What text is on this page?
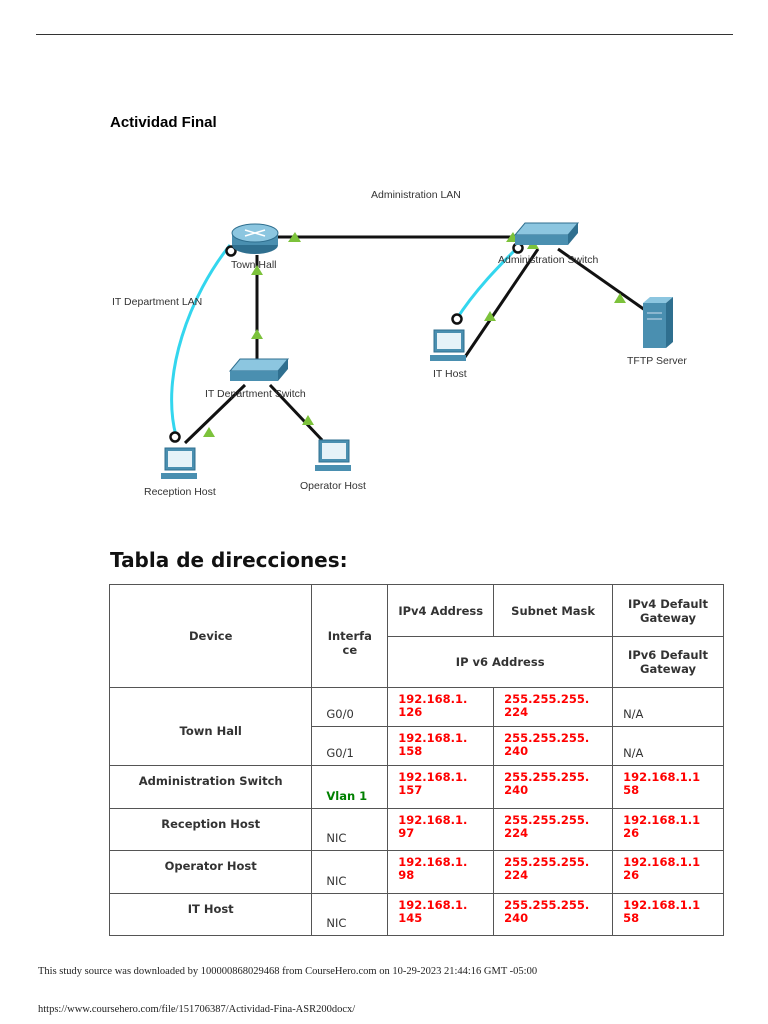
Actividad Final
Administration LAN
IT Department LAN
Town Hall	Administration Switch
IT Department Switch
IT Host
TFTP Server
Reception Host	Operator Host
Tabla de direcciones:
Device	Interfa ce	IPv4 Address	Subnet Mask	IPv4 Default Gateway
		IP v6 Address		IPv6 Default Gateway
Town Hall	G0/0	192.168.1. 126	255.255.255. 224	N/A
	G0/1	192.168.1. 158	255.255.255. 240	N/A
Administration Switch	Vlan 1	192.168.1. 157	255.255.255. 240	192.168.1.1 58
Reception Host	NIC	192.168.1. 97	255.255.255. 224	192.168.1.1 26
Operator Host	NIC	192.168.1. 98	255.255.255. 224	192.168.1.1 26
IT Host	NIC	192.168.1. 145	255.255.255. 240	192.168.1.1 58
This study source was downloaded by 100000868029468 from CourseHero.com on 10-29-2023 21:44:16 GMT -05:00
https://www.coursehero.com/file/151706387/Actividad-Fina-ASR200docx/
